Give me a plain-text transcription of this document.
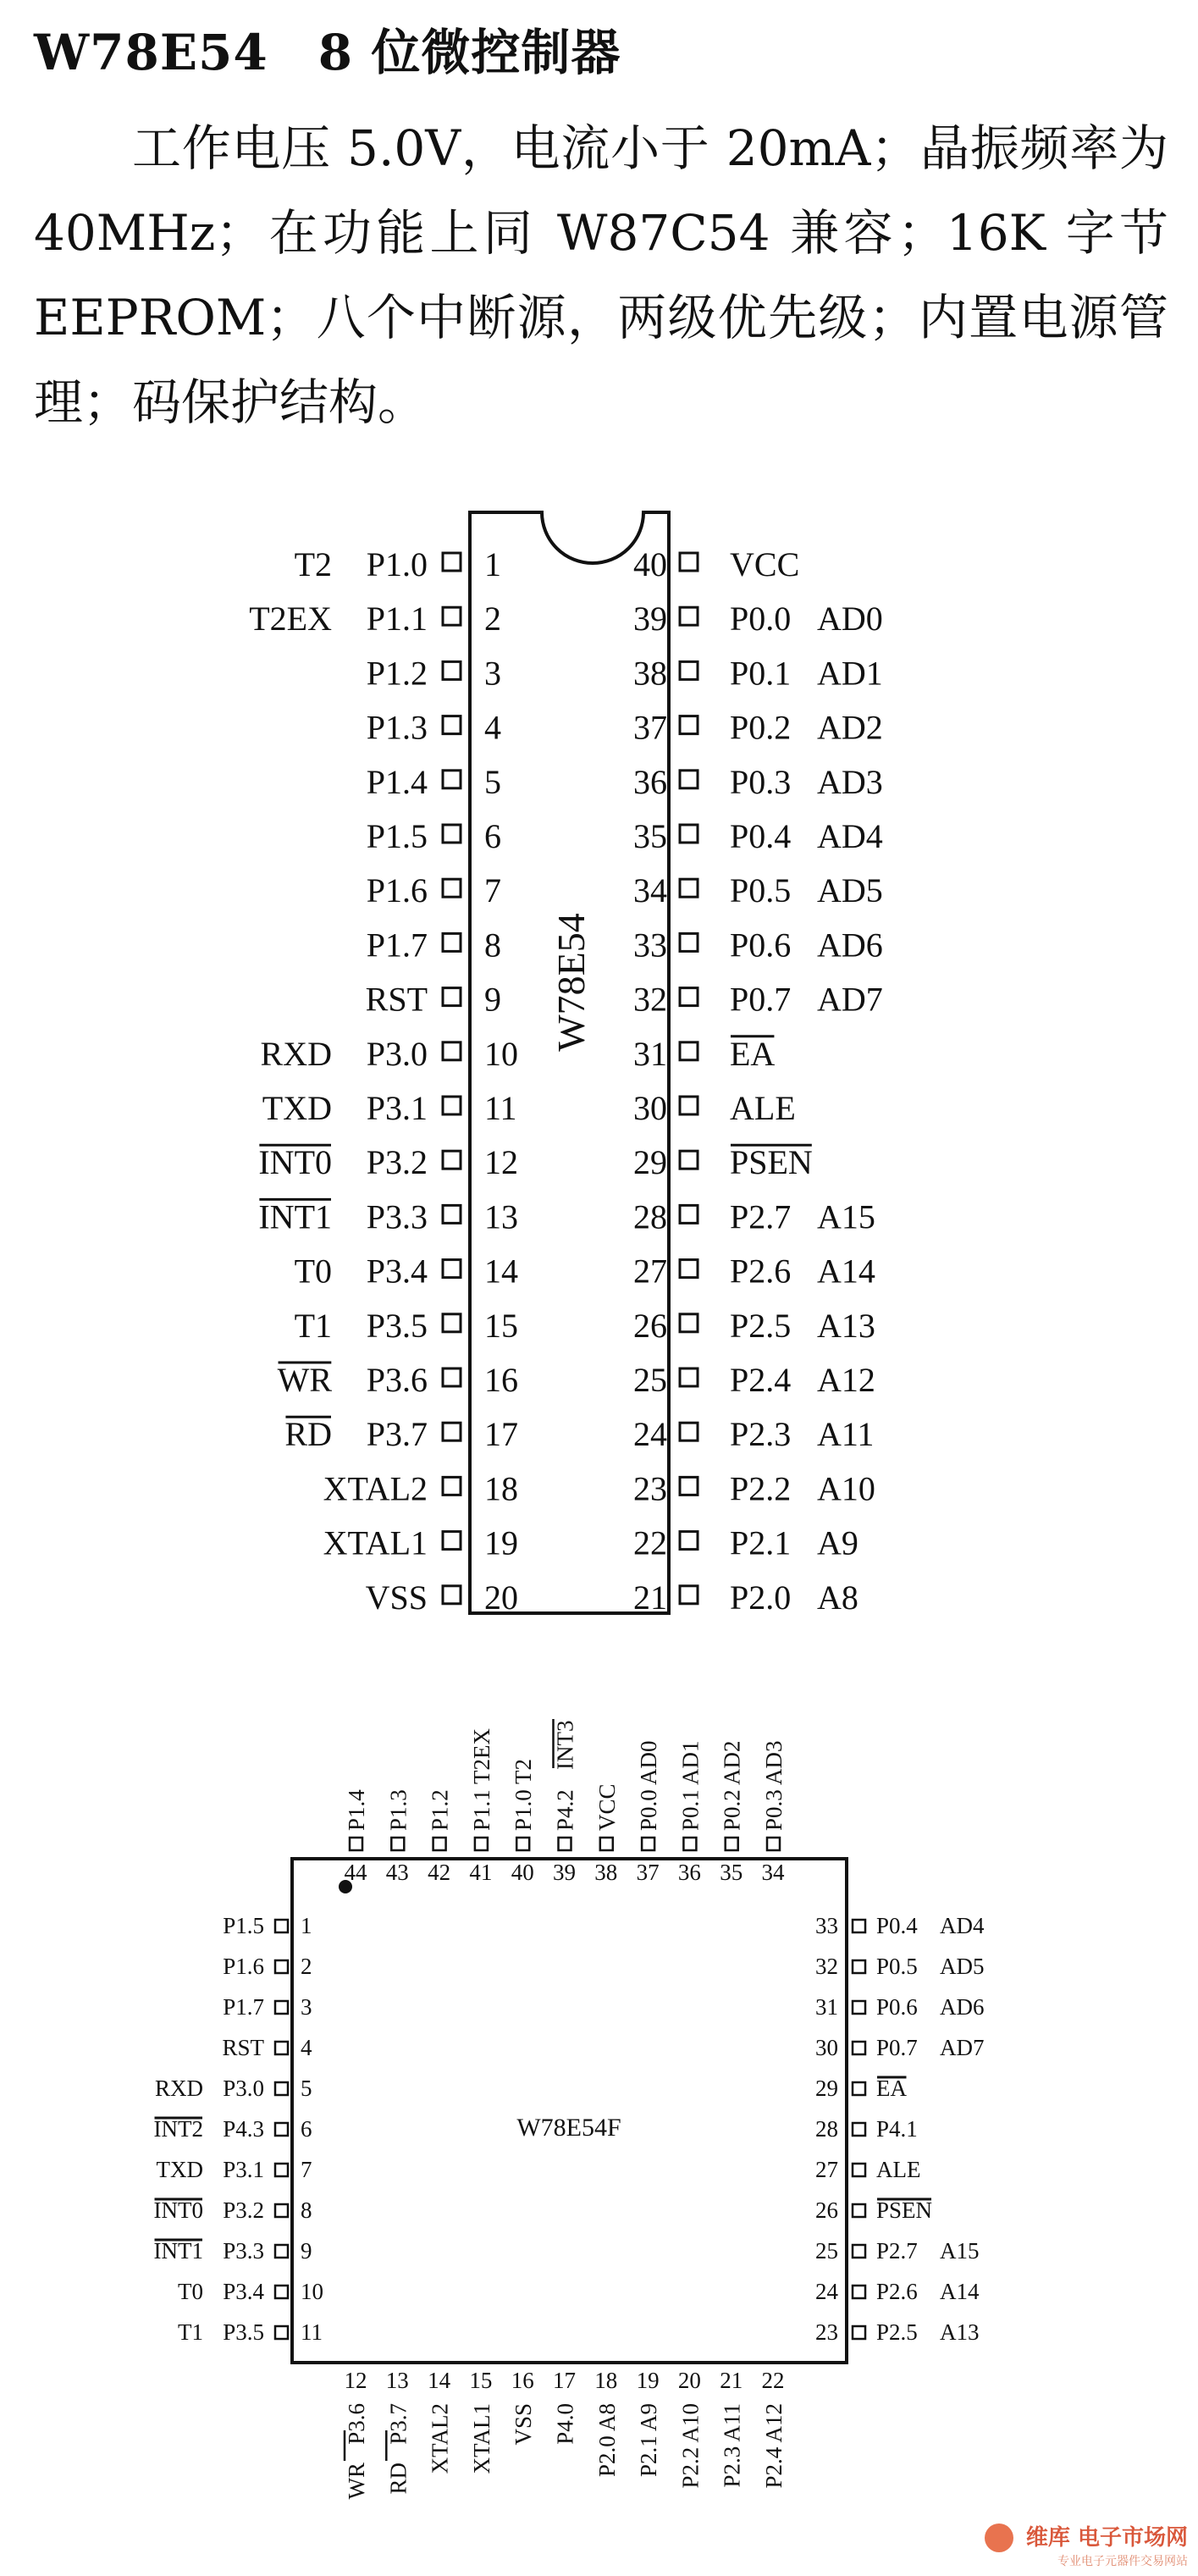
W78E54　8 位微控制器

工作电压 5.0V，电流小于 20mA；晶振频率为 40MHz；在功能上同 W87C54 兼容；16K 字节 EEPROM；八个中断源，两级优先级；内置电源管理；码保护结构。

W78E54
1
P1.0
T2
2
P1.1
T2EX
3
P1.2
4
P1.3
5
P1.4
6
P1.5
7
P1.6
8
P1.7
9
RST
10
P3.0
RXD
11
P3.1
TXD
12
P3.2
INT0
13
P3.3
INT1
14
P3.4
T0
15
P3.5
T1
16
P3.6
WR
17
P3.7
RD
18
XTAL2
19
XTAL1
20
VSS
40 VCC
39 P0.0 AD0
38 P0.1 AD1
37 P0.2 AD2
36 P0.3 AD3
35 P0.4 AD4
34 P0.5 AD5
33 P0.6 AD6
32 P0.7 AD7
31 EA
30 ALE
29 PSEN
28 P2.7 A15
27 P2.6 A14
26 P2.5 A13
25 P2.4 A12
24 P2.3 A11
23 P2.2 A10
22 P2.1 A9
21 P2.0 A8
W78E54F
44
P1.4
43
P1.3
42
P1.2
41
P1.1 T2EX
40
P1.0 T2
39
P4.2
INT3
38
VCC
37
P0.0 AD0
36
P0.1 AD1
35
P0.2 AD2
34
P0.3 AD3
1
P1.5
2
P1.6
3
P1.7
4
RST
5
P3.0
RXD
6
P4.3
INT2
7
P3.1
TXD
8
P3.2
INT0
9
P3.3
INT1
10
P3.4
T0
11
P3.5
T1
33 P0.4 AD4
32 P0.5 AD5
31 P0.6 AD6
30 P0.7 AD7
29 EA
28 P4.1
27 ALE
26 PSEN
25 P2.7 A15
24 P2.6 A14
23 P2.5 A13
12
P3.6
WR
13
P3.7
RD
14
XTAL2
15
XTAL1
16
VSS
17
P4.0
18
P2.0 A8
19
P2.1 A9
20
P2.2 A10
21
P2.3 A11
22
P2.4 A12
维库 电子市场网
专业电子元器件交易网站
